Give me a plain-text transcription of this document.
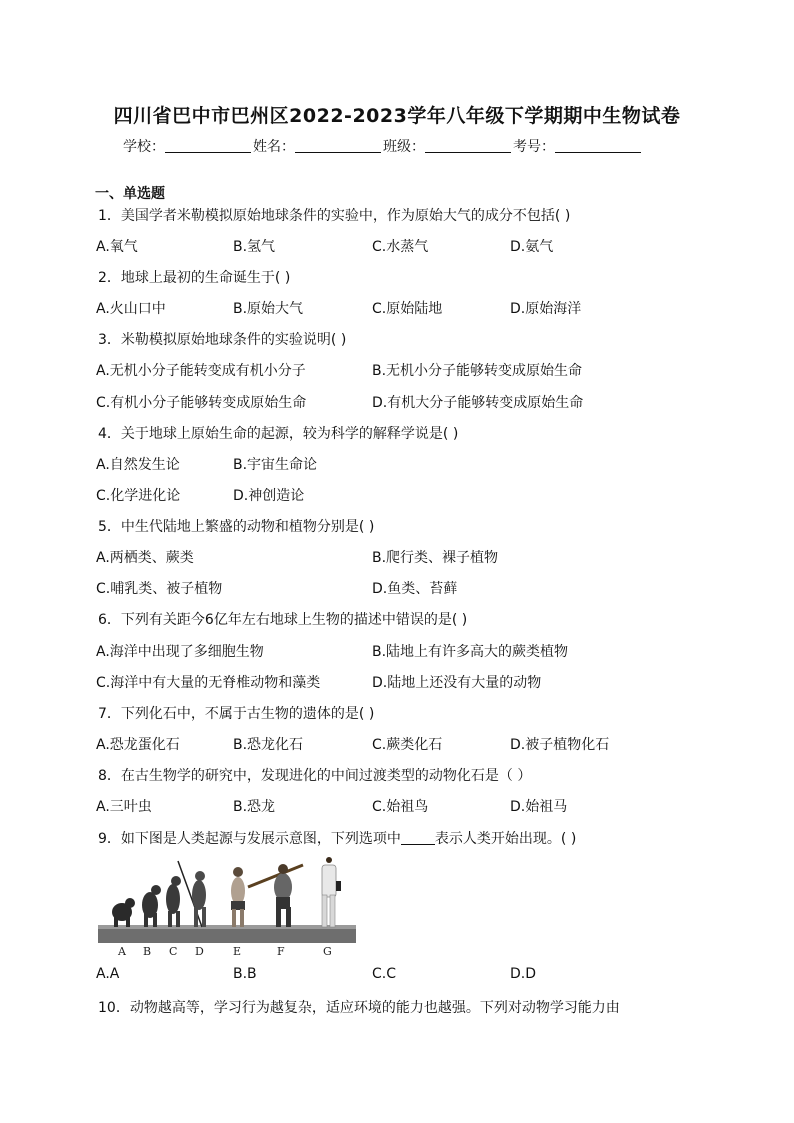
四川省巴中市巴州区2022-2023学年八年级下学期期中生物试卷
学校：	姓名：	班级：	考号：
一、单选题
1．美国学者米勒模拟原始地球条件的实验中，作为原始大气的成分不包括( )
A.氧气	B.氢气	C.水蒸气	D.氨气
2．地球上最初的生命诞生于( )
A.火山口中	B.原始大气	C.原始陆地	D.原始海洋
3．米勒模拟原始地球条件的实验说明( )
A.无机小分子能转变成有机小分子	B.无机小分子能够转变成原始生命
C.有机小分子能够转变成原始生命	D.有机大分子能够转变成原始生命
4．关于地球上原始生命的起源，较为科学的解释学说是( )
A.自然发生论	B.宇宙生命论
C.化学进化论	D.神创造论
5．中生代陆地上繁盛的动物和植物分别是( )
A.两栖类、蕨类	B.爬行类、裸子植物
C.哺乳类、被子植物	D.鱼类、苔藓
6．下列有关距今6亿年左右地球上生物的描述中错误的是( )
A.海洋中出现了多细胞生物	B.陆地上有许多高大的蕨类植物
C.海洋中有大量的无脊椎动物和藻类	D.陆地上还没有大量的动物
7．下列化石中，不属于古生物的遗体的是( )
A.恐龙蛋化石	B.恐龙化石	C.蕨类化石	D.被子植物化石
8．在古生物学的研究中，发现进化的中间过渡类型的动物化石是（ ）
A.三叶虫	B.恐龙	C.始祖鸟	D.始祖马
9．如下图是人类起源与发展示意图，下列选项中 表示人类开始出现。( )
A B C D	E	F	G
A.A	B.B	C.C	D.D
10．动物越高等，学习行为越复杂，适应环境的能力也越强。下列对动物学习能力由
